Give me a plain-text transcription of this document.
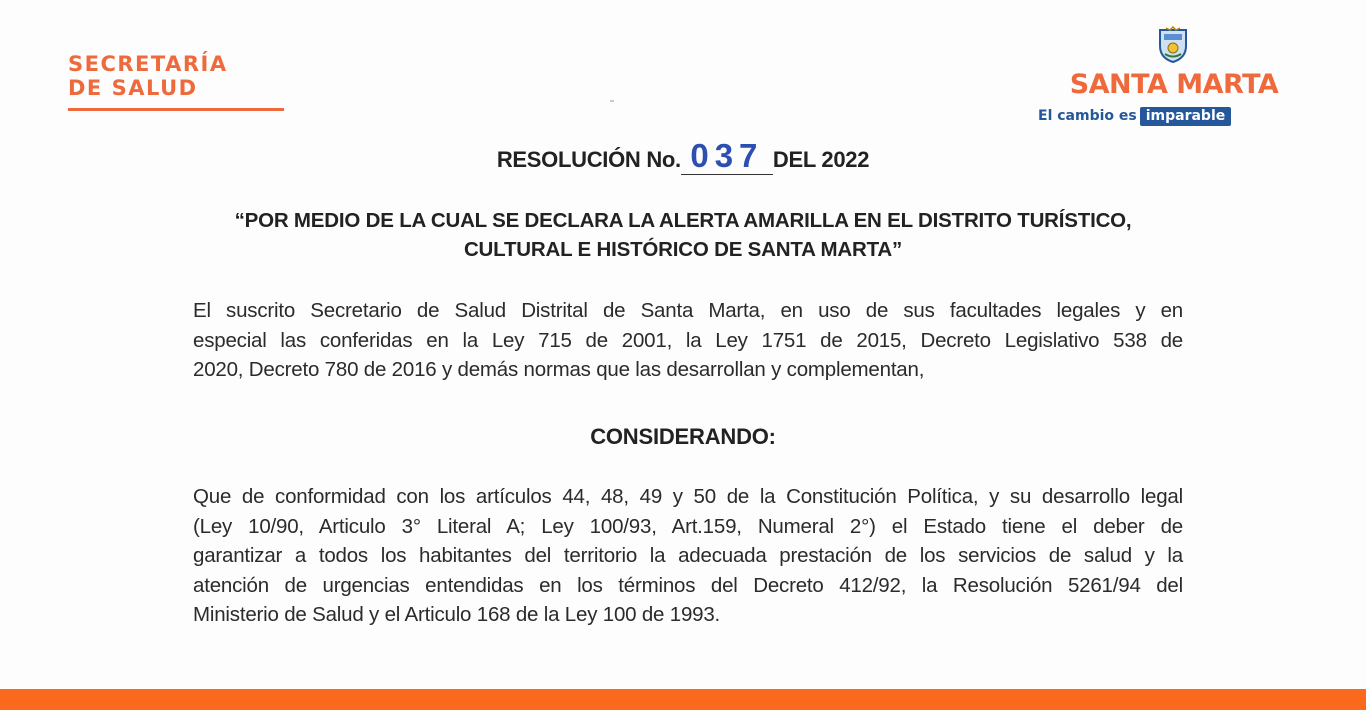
SECRETARÍA
DE SALUD	SANTA MARTA
El cambio es imparable
RESOLUCIÓN No. 037 DEL 2022
“POR MEDIO DE LA CUAL SE DECLARA LA ALERTA AMARILLA EN EL DISTRITO TURÍSTICO,
CULTURAL E HISTÓRICO DE SANTA MARTA”
El suscrito Secretario de Salud Distrital de Santa Marta, en uso de sus facultades legales y en
especial las conferidas en la Ley 715 de 2001, la Ley 1751 de 2015, Decreto Legislativo 538 de
2020, Decreto 780 de 2016 y demás normas que las desarrollan y complementan,
CONSIDERANDO:
Que de conformidad con los artículos 44, 48, 49 y 50 de la Constitución Política, y su desarrollo legal
(Ley 10/90, Articulo 3° Literal A; Ley 100/93, Art.159, Numeral 2°) el Estado tiene el deber de
garantizar a todos los habitantes del territorio la adecuada prestación de los servicios de salud y la
atención de urgencias entendidas en los términos del Decreto 412/92, la Resolución 5261/94 del
Ministerio de Salud y el Articulo 168 de la Ley 100 de 1993.
